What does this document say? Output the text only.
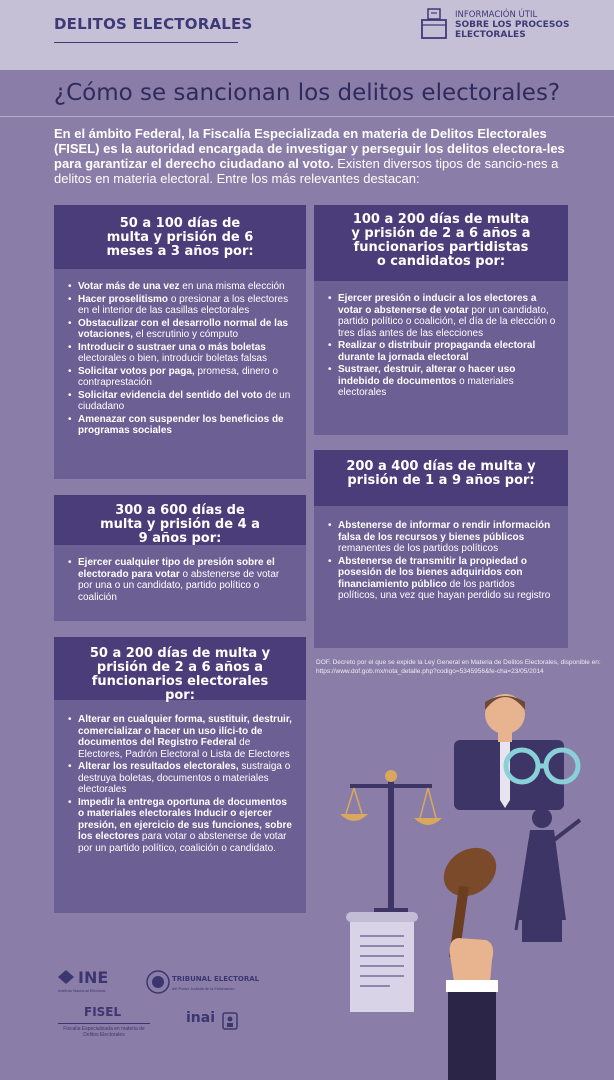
DELITOS ELECTORALES	INFORMACIÓN ÚTIL
SOBRE LOS PROCESOS
ELECTORALES
¿Cómo se sancionan los delitos electorales?
En el ámbito Federal, la Fiscalía Especializada en materia de Delitos Electorales (FISEL) es la autoridad encargada de investigar y perseguir los delitos electora-les para garantizar el derecho ciudadano al voto. Existen diversos tipos de sancio-nes a delitos en materia electoral. Entre los más relevantes destacan:
50 a 100 días de multa y prisión de 6 meses a 3 años por:
• Votar más de una vez en una misma elección
• Hacer proselitismo o presionar a los electores en el interior de las casillas electorales
• Obstaculizar con el desarrollo normal de las votaciones, el escrutinio y cómputo
• Introducir o sustraer una o más boletas electorales o bien, introducir boletas falsas
• Solicitar votos por paga, promesa, dinero o contraprestación
• Solicitar evidencia del sentido del voto de un ciudadano
• Amenazar con suspender los beneficios de programas sociales
300 a 600 días de multa y prisión de 4 a 9 años por:
• Ejercer cualquier tipo de presión sobre el electorado para votar o abstenerse de votar por una o un candidato, partido político o coalición
50 a 200 días de multa y prisión de 2 a 6 años a funcionarios electorales por:
• Alterar en cualquier forma, sustituir, destruir, comercializar o hacer un uso ilíci-to de documentos del Registro Federal de Electores, Padrón Electoral o Lista de Electores
• Alterar los resultados electorales, sustraiga o destruya boletas, documentos o materiales electorales
• Impedir la entrega oportuna de documentos o materiales electorales Inducir o ejercer presión, en ejercicio de sus funciones, sobre los electores para votar o abstenerse de votar por un partido político, coalición o candidato.
100 a 200 días de multa y prisión de 2 a 6 años a funcionarios partidistas o candidatos por:
• Ejercer presión o inducir a los electores a votar o abstenerse de votar por un candidato, partido político o coalición, el día de la elección o tres días antes de las elecciones
• Realizar o distribuir propaganda electoral durante la jornada electoral
• Sustraer, destruir, alterar o hacer uso indebido de documentos o materiales electorales
200 a 400 días de multa y prisión de 1 a 9 años por:
• Abstenerse de informar o rendir información falsa de los recursos y bienes públicos remanentes de los partidos políticos
• Abstenerse de transmitir la propiedad o posesión de los bienes adquiridos con financiamiento público de los partidos políticos, una vez que hayan perdido su registro
DOF. Decreto por el que se expide la Ley General en Materia de Delitos Electorales, disponible en: https://www.dof.gob.mx/nota_detalle.php?codigo=5345956&fe-cha=23/05/2014
INE
Instituto Nacional Electoral
TRIBUNAL ELECTORAL
del Poder Judicial de la Federación
FISEL
Fiscalía Especializada en materia de Delitos Electorales
inai
